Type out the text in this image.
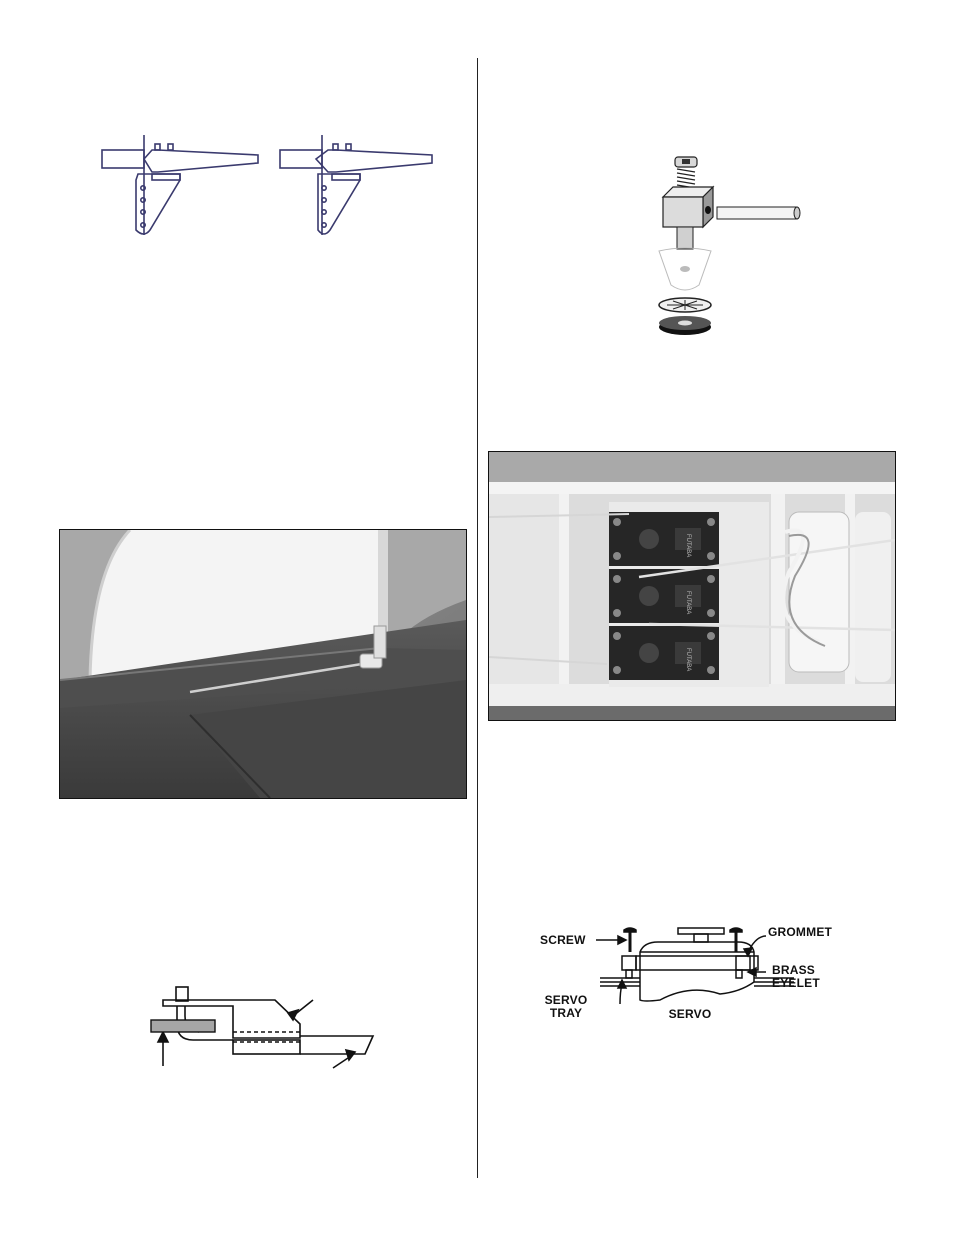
FUTABA
FUTABA
FUTABA
SCREW
GROMMET
BRASS
EYELET
SERVO
TRAY	SERVO
